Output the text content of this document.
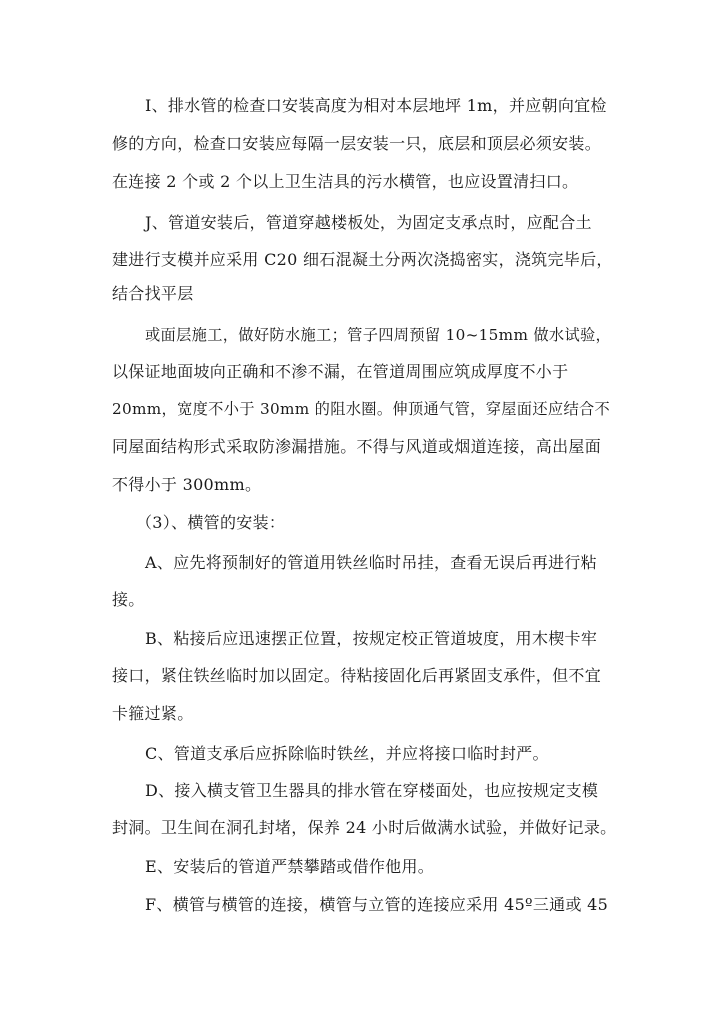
I、排水管的检查口安装高度为相对本层地坪 1m，并应朝向宜检
修的方向，检查口安装应每隔一层安装一只，底层和顶层必须安装。
在连接 2 个或 2 个以上卫生洁具的污水横管，也应设置清扫口。
J、管道安装后，管道穿越楼板处，为固定支承点时，应配合土
建进行支模并应采用 C20 细石混凝土分两次浇捣密实，浇筑完毕后，
结合找平层
或面层施工，做好防水施工；管子四周预留 10~15mm 做水试验，
以保证地面坡向正确和不渗不漏，在管道周围应筑成厚度不小于
20mm，宽度不小于 30mm 的阻水圈。伸顶通气管，穿屋面还应结合不
同屋面结构形式采取防渗漏措施。不得与风道或烟道连接，高出屋面
不得小于 300mm。
（3）、横管的安装：
A、应先将预制好的管道用铁丝临时吊挂，查看无误后再进行粘
接。
B、粘接后应迅速摆正位置，按规定校正管道坡度，用木楔卡牢
接口，紧住铁丝临时加以固定。待粘接固化后再紧固支承件，但不宜
卡箍过紧。
C、管道支承后应拆除临时铁丝，并应将接口临时封严。
D、接入横支管卫生器具的排水管在穿楼面处，也应按规定支模
封洞。卫生间在洞孔封堵，保养 24 小时后做满水试验，并做好记录。
E、安装后的管道严禁攀踏或借作他用。
F、横管与横管的连接，横管与立管的连接应采用 45º三通或 45
